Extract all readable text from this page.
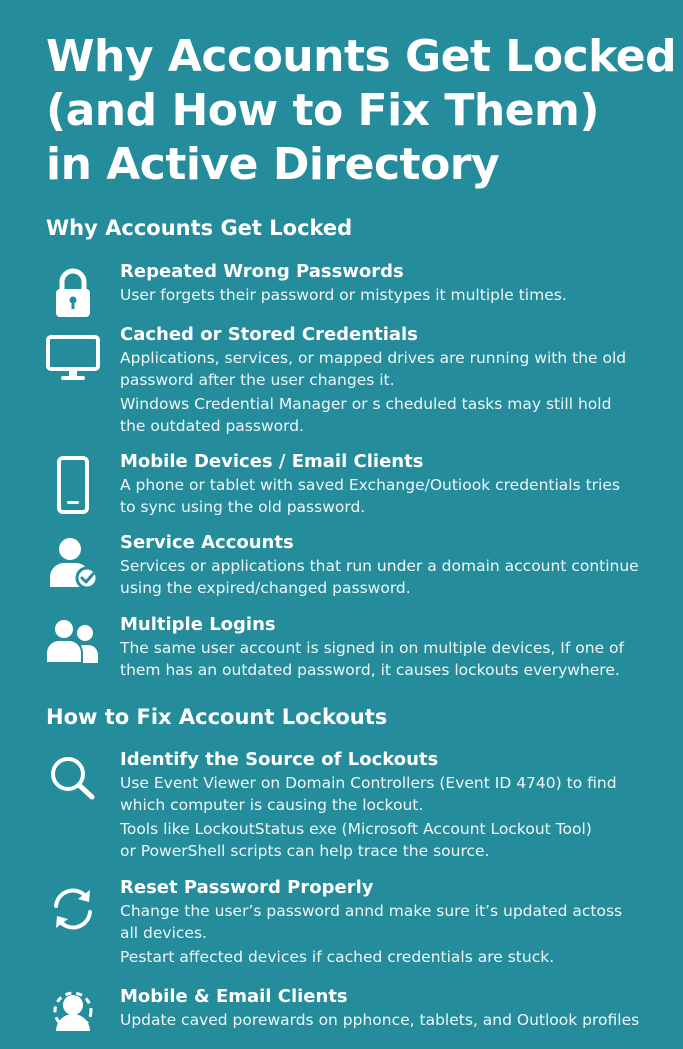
Why Accounts Get Locked
(and How to Fix Them)
in Active Directory
Why Accounts Get Locked
Repeated Wrong Passwords

User forgets their password or mistypes it multiple times.

Cached or Stored Credentials

Applications, services, or mapped drives are running with the old
password after the user changes it.

Windows Credential Manager or s cheduled tasks may still hold
the outdated password.

Mobile Devices / Email Clients

A phone or tablet with saved Exchange/Outiook credentials tries
to sync using the old password.

Service Accounts

Services or applications that run under a domain account continue
using the expired/changed password.

Multiple Logins

The same user account is signed in on multiple devices, If one of
them has an outdated password, it causes lockouts everywhere.

How to Fix Account Lockouts
Identify the Source of Lockouts

Use Event Viewer on Domain Controllers (Event ID 4740) to find
which computer is causing the lockout.

Tools like LockoutStatus exe (Microsoft Account Lockout Tool)
or PowerShell scripts can help trace the source.

Reset Password Properly

Change the user’s password annd make sure it’s updated actoss
all devices.

Pestart affected devices if cached credentials are stuck.

Mobile & Email Clients

Update caved porewards on pphonce, tablets, and Outlook profiles
